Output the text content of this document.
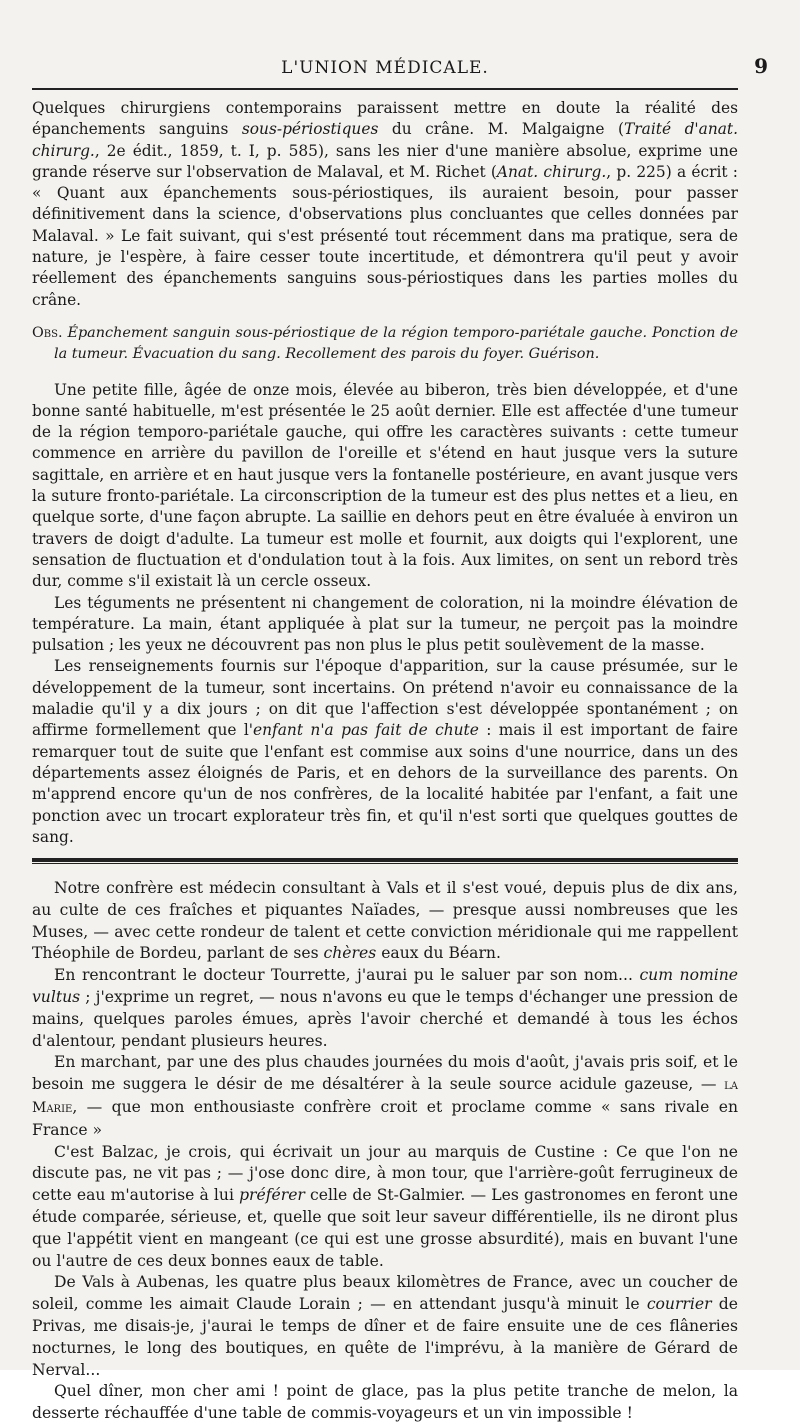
L'UNION MÉDICALE.	9

Quelques chirurgiens contemporains paraissent mettre en doute la réalité des épanchements sanguins sous-périostiques du crâne. M. Malgaigne (Traité d'anat. chirurg., 2e édit., 1859, t. I, p. 585), sans les nier d'une manière absolue, exprime une grande réserve sur l'observation de Malaval, et M. Richet (Anat. chirurg., p. 225) a écrit : « Quant aux épanchements sous-périostiques, ils auraient besoin, pour passer définitivement dans la science, d'observations plus concluantes que celles données par Malaval. » Le fait suivant, qui s'est présenté tout récemment dans ma pratique, sera de nature, je l'espère, à faire cesser toute incertitude, et démontrera qu'il peut y avoir réellement des épanchements sanguins sous-périostiques dans les parties molles du crâne.

Obs. Épanchement sanguin sous-périostique de la région temporo-pariétale gauche. Ponction de la tumeur. Évacuation du sang. Recollement des parois du foyer. Guérison.

Une petite fille, âgée de onze mois, élevée au biberon, très bien développée, et d'une bonne santé habituelle, m'est présentée le 25 août dernier. Elle est affectée d'une tumeur de la région temporo-pariétale gauche, qui offre les caractères suivants : cette tumeur commence en arrière du pavillon de l'oreille et s'étend en haut jusque vers la suture sagittale, en arrière et en haut jusque vers la fontanelle postérieure, en avant jusque vers la suture fronto-pariétale. La circonscription de la tumeur est des plus nettes et a lieu, en quelque sorte, d'une façon abrupte. La saillie en dehors peut en être évaluée à environ un travers de doigt d'adulte. La tumeur est molle et fournit, aux doigts qui l'explorent, une sensation de fluctuation et d'ondulation tout à la fois. Aux limites, on sent un rebord très dur, comme s'il existait là un cercle osseux.

Les téguments ne présentent ni changement de coloration, ni la moindre élévation de température. La main, étant appliquée à plat sur la tumeur, ne perçoit pas la moindre pulsation ; les yeux ne découvrent pas non plus le plus petit soulèvement de la masse.

Les renseignements fournis sur l'époque d'apparition, sur la cause présumée, sur le développement de la tumeur, sont incertains. On prétend n'avoir eu connaissance de la maladie qu'il y a dix jours ; on dit que l'affection s'est développée spontanément ; on affirme formellement que l'enfant n'a pas fait de chute : mais il est important de faire remarquer tout de suite que l'enfant est commise aux soins d'une nourrice, dans un des départements assez éloignés de Paris, et en dehors de la surveillance des parents. On m'apprend encore qu'un de nos confrères, de la localité habitée par l'enfant, a fait une ponction avec un trocart explorateur très fin, et qu'il n'est sorti que quelques gouttes de sang.

Notre confrère est médecin consultant à Vals et il s'est voué, depuis plus de dix ans, au culte de ces fraîches et piquantes Naïades, — presque aussi nombreuses que les Muses, — avec cette rondeur de talent et cette conviction méridionale qui me rappellent Théophile de Bordeu, parlant de ses chères eaux du Béarn.

En rencontrant le docteur Tourrette, j'aurai pu le saluer par son nom... cum nomine vultus ; j'exprime un regret, — nous n'avons eu que le temps d'échanger une pression de mains, quelques paroles émues, après l'avoir cherché et demandé à tous les échos d'alentour, pendant plusieurs heures.

En marchant, par une des plus chaudes journées du mois d'août, j'avais pris soif, et le besoin me suggera le désir de me désaltérer à la seule source acidule gazeuse, — la Marie, — que mon enthousiaste confrère croit et proclame comme « sans rivale en France »

C'est Balzac, je crois, qui écrivait un jour au marquis de Custine : Ce que l'on ne discute pas, ne vit pas ; — j'ose donc dire, à mon tour, que l'arrière-goût ferrugineux de cette eau m'autorise à lui préférer celle de St-Galmier. — Les gastronomes en feront une étude comparée, sérieuse, et, quelle que soit leur saveur différentielle, ils ne diront plus que l'appétit vient en mangeant (ce qui est une grosse absurdité), mais en buvant l'une ou l'autre de ces deux bonnes eaux de table.

De Vals à Aubenas, les quatre plus beaux kilomètres de France, avec un coucher de soleil, comme les aimait Claude Lorain ; — en attendant jusqu'à minuit le courrier de Privas, me disais-je, j'aurai le temps de dîner et de faire ensuite une de ces flâneries nocturnes, le long des boutiques, en quête de l'imprévu, à la manière de Gérard de Nerval...

Quel dîner, mon cher ami ! point de glace, pas la plus petite tranche de melon, la desserte réchauffée d'une table de commis-voyageurs et un vin impossible !
